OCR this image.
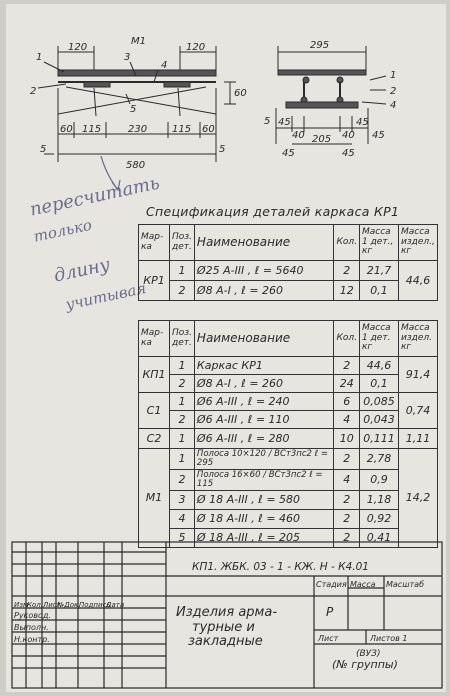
М1
120	120
1	3
4
2
5
60
60 115	230 115 60
580
5	5
295
1
2
4
5 45
40	40
45
205	45
45	45
пересчитать
только
длину
учитывая
Спецификация деталей каркаса КР1
Мар-ка	Поз. дет.	Наименование	Кол.	Масса 1 дет., кг	Масса издел., кг
КР1	1	Ø25 А-III , ℓ = 5640	2	21,7	44,6
	2	Ø8 А-I , ℓ = 260	12	0,1	
Мар-ка	Поз. дет.	Наименование	Кол.	Масса 1 дет. кг	Масса издел. кг
КП1	1	Каркас КР1	2	44,6	91,4
	2	Ø8 А-I , ℓ = 260	24	0,1	
С1	1	Ø6 А-III , ℓ = 240	6	0,085	0,74
	2	Ø6 А-III , ℓ = 110	4	0,043	
С2	1	Ø6 А-III , ℓ = 280	10	0,111	1,11
М1	1	Полоса 10×120 / ВСт3пс2 ℓ = 295	2	2,78	14,2
	2	Полоса 16×60 / ВСт3пс2 ℓ = 115	4	0,9	
	3	Ø 18 А-III , ℓ = 580	2	1,18	
	4	Ø 18 А-III , ℓ = 460	2	0,92	
	5	Ø 18 А-III , ℓ = 205	2	0,41	
КП1. ЖБК. 03 - 1 - КЖ. Н - К4.01
Изм
Кол. Лист
№Док.
Подпись
Дата
Руковод.
Выполн.
Н.контр.
Изделия арма-
турные и
закладные
Стадия Масса Масштаб
Р
Лист	Листов 1
(ВУЗ)
(№ группы)
